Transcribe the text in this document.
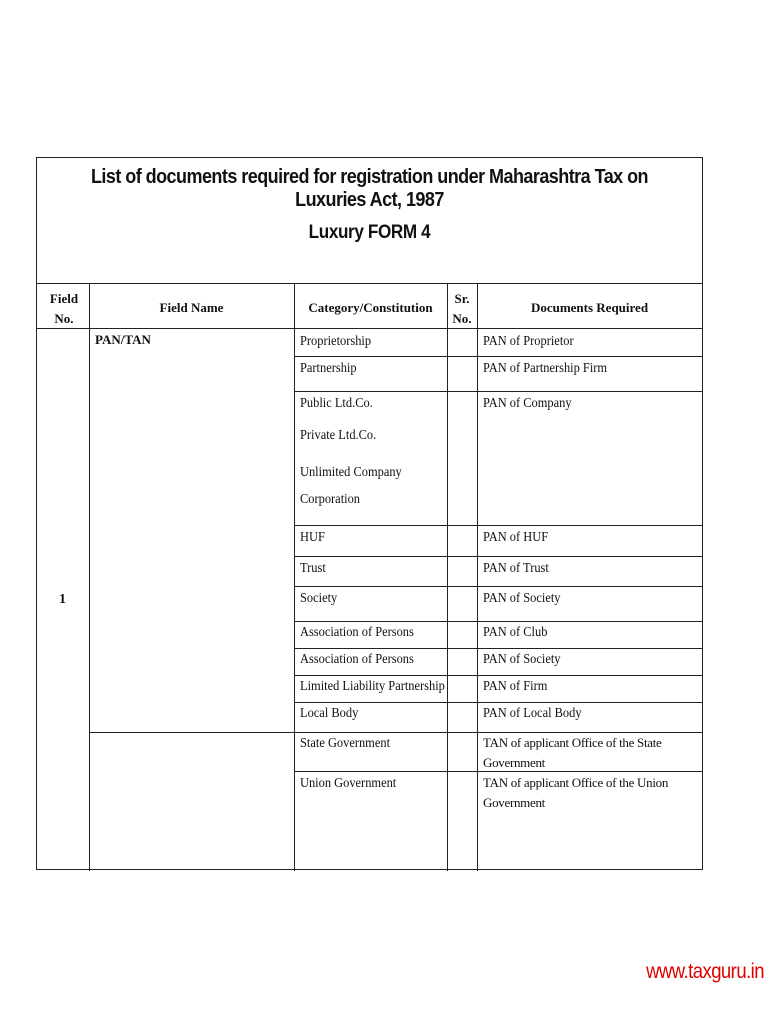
List of documents required for registration under Maharashtra Tax on Luxuries Act, 1987
Luxury FORM 4
Field No.
Field Name	Category/Constitution
Sr. No.
Documents Required
1
PAN/TAN	Proprietorship
Partnership
Public Ltd.Co.
Private Ltd.Co.
Unlimited Company
Corporation
HUF
Trust
Society
Association of Persons
Association of Persons
Limited Liability Partnership
Local Body
State Government
Union Government
PAN of Proprietor
PAN of Partnership Firm
PAN of Company
PAN of HUF
PAN of Trust
PAN of Society
PAN of Club
PAN of Society
PAN of Firm
PAN of Local Body
TAN of applicant Office of the State Government
TAN of applicant Office of the Union Government
www.taxguru.in
